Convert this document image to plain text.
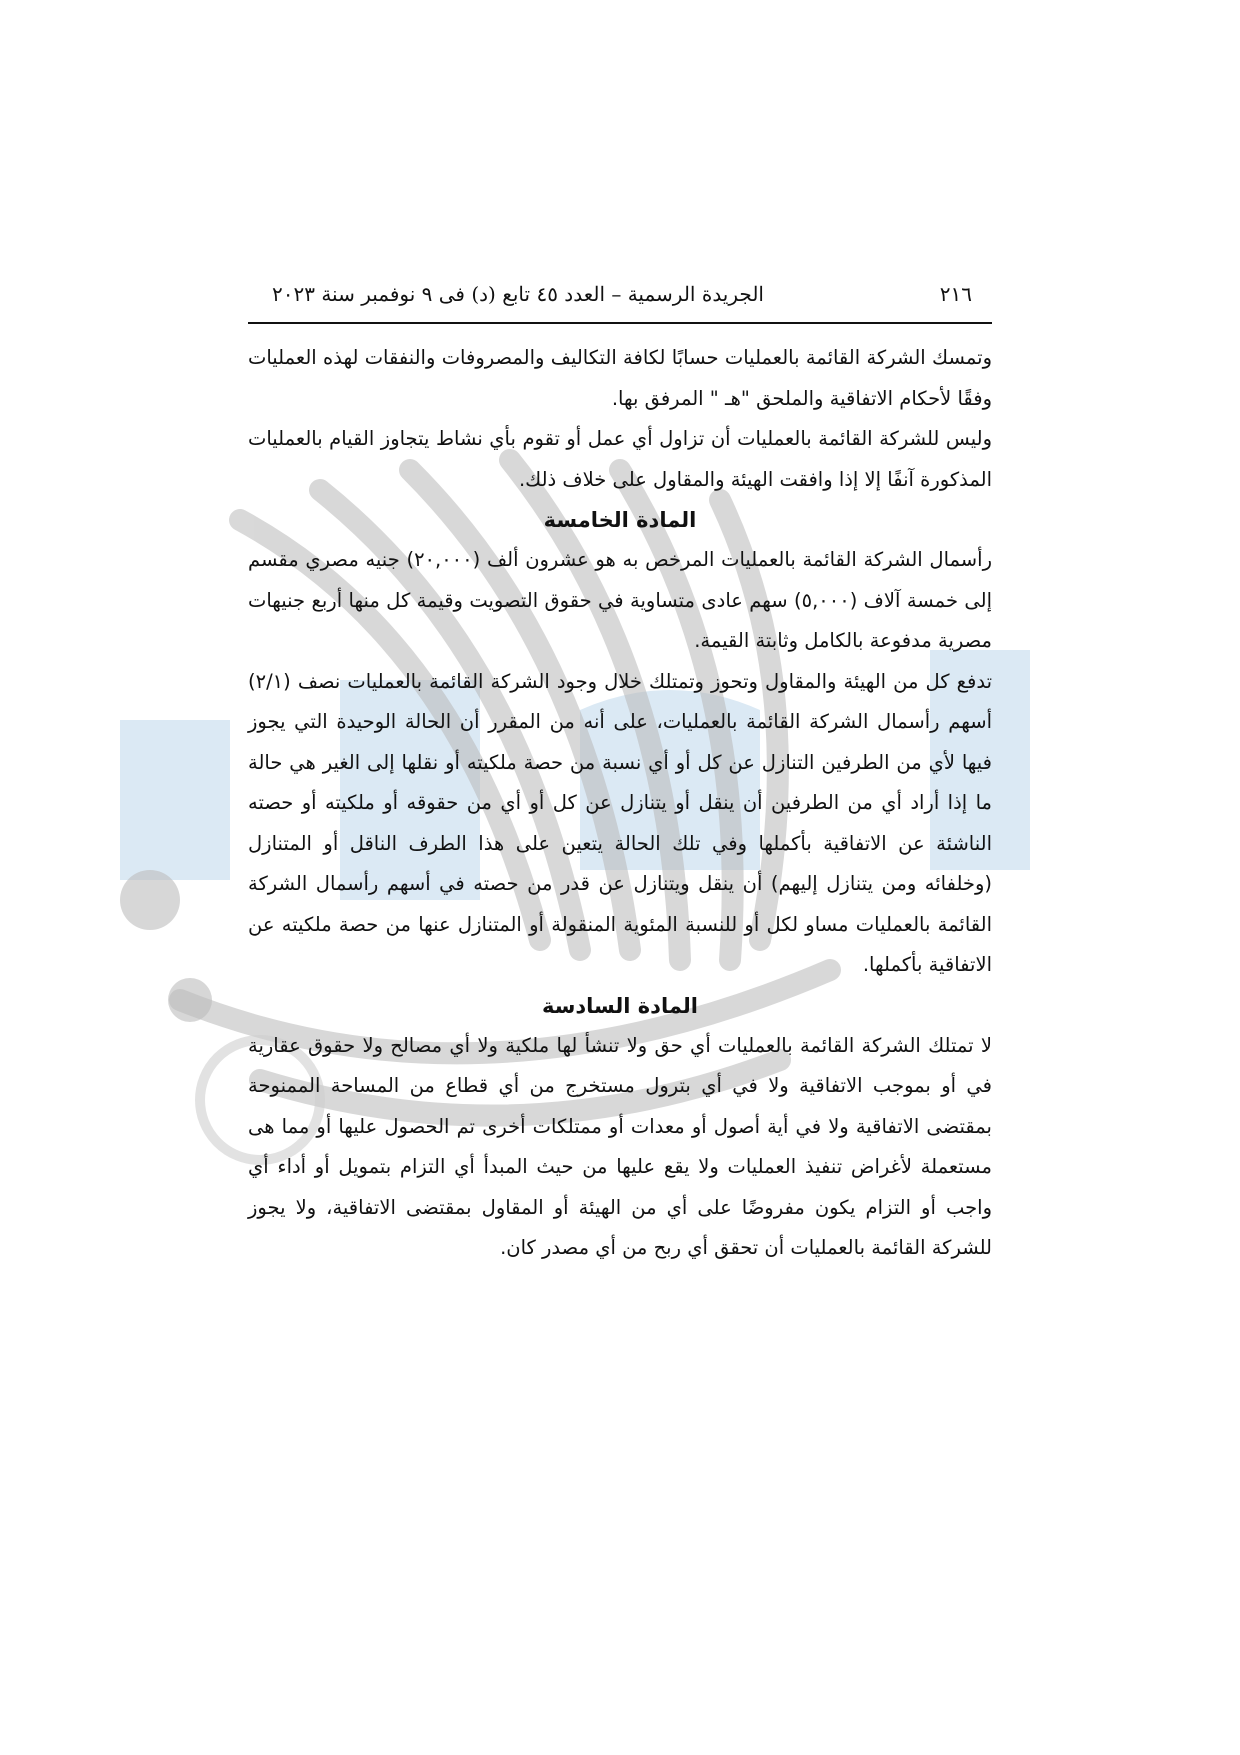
٢١٦
الجريدة الرسمية – العدد ٤٥ تابع (د) فى ٩ نوفمبر سنة ٢٠٢٣

وتمسك الشركة القائمة بالعمليات حسابًا لكافة التكاليف والمصروفات والنفقات لهذه العمليات وفقًا لأحكام الاتفاقية والملحق "هـ " المرفق بها.

وليس للشركة القائمة بالعمليات أن تزاول أي عمل أو تقوم بأي نشاط يتجاوز القيام بالعمليات المذكورة آنفًا إلا إذا وافقت الهيئة والمقاول على خلاف ذلك.

المادة الخامسة

رأسمال الشركة القائمة بالعمليات المرخص به هو عشرون ألف (٢٠,٠٠٠) جنيه مصري مقسم إلى خمسة آلاف (٥,٠٠٠) سهم عادى متساوية في حقوق التصويت وقيمة كل منها أربع جنيهات مصرية مدفوعة بالكامل وثابتة القيمة.

تدفع كل من الهيئة والمقاول وتحوز وتمتلك خلال وجود الشركة القائمة بالعمليات نصف (٢/١) أسهم رأسمال الشركة القائمة بالعمليات، على أنه من المقرر أن الحالة الوحيدة التي يجوز فيها لأي من الطرفين التنازل عن كل أو أي نسبة من حصة ملكيته أو نقلها إلى الغير هي حالة ما إذا أراد أي من الطرفين أن ينقل أو يتنازل عن كل أو أي من حقوقه أو ملكيته أو حصته الناشئة عن الاتفاقية بأكملها وفي تلك الحالة يتعين على هذا الطرف الناقل أو المتنازل (وخلفائه ومن يتنازل إليهم) أن ينقل ويتنازل عن قدر من حصته في أسهم رأسمال الشركة القائمة بالعمليات مساو لكل أو للنسبة المئوية المنقولة أو المتنازل عنها من حصة ملكيته عن الاتفاقية بأكملها.

المادة السادسة

لا تمتلك الشركة القائمة بالعمليات أي حق ولا تنشأ لها ملكية ولا أي مصالح ولا حقوق عقارية في أو بموجب الاتفاقية ولا في أي بترول مستخرج من أي قطاع من المساحة الممنوحة بمقتضى الاتفاقية ولا في أية أصول أو معدات أو ممتلكات أخرى تم الحصول عليها أو مما هى مستعملة لأغراض تنفيذ العمليات ولا يقع عليها من حيث المبدأ أي التزام بتمويل أو أداء أي واجب أو التزام يكون مفروضًا على أي من الهيئة أو المقاول بمقتضى الاتفاقية، ولا يجوز للشركة القائمة بالعمليات أن تحقق أي ربح من أي مصدر كان.
